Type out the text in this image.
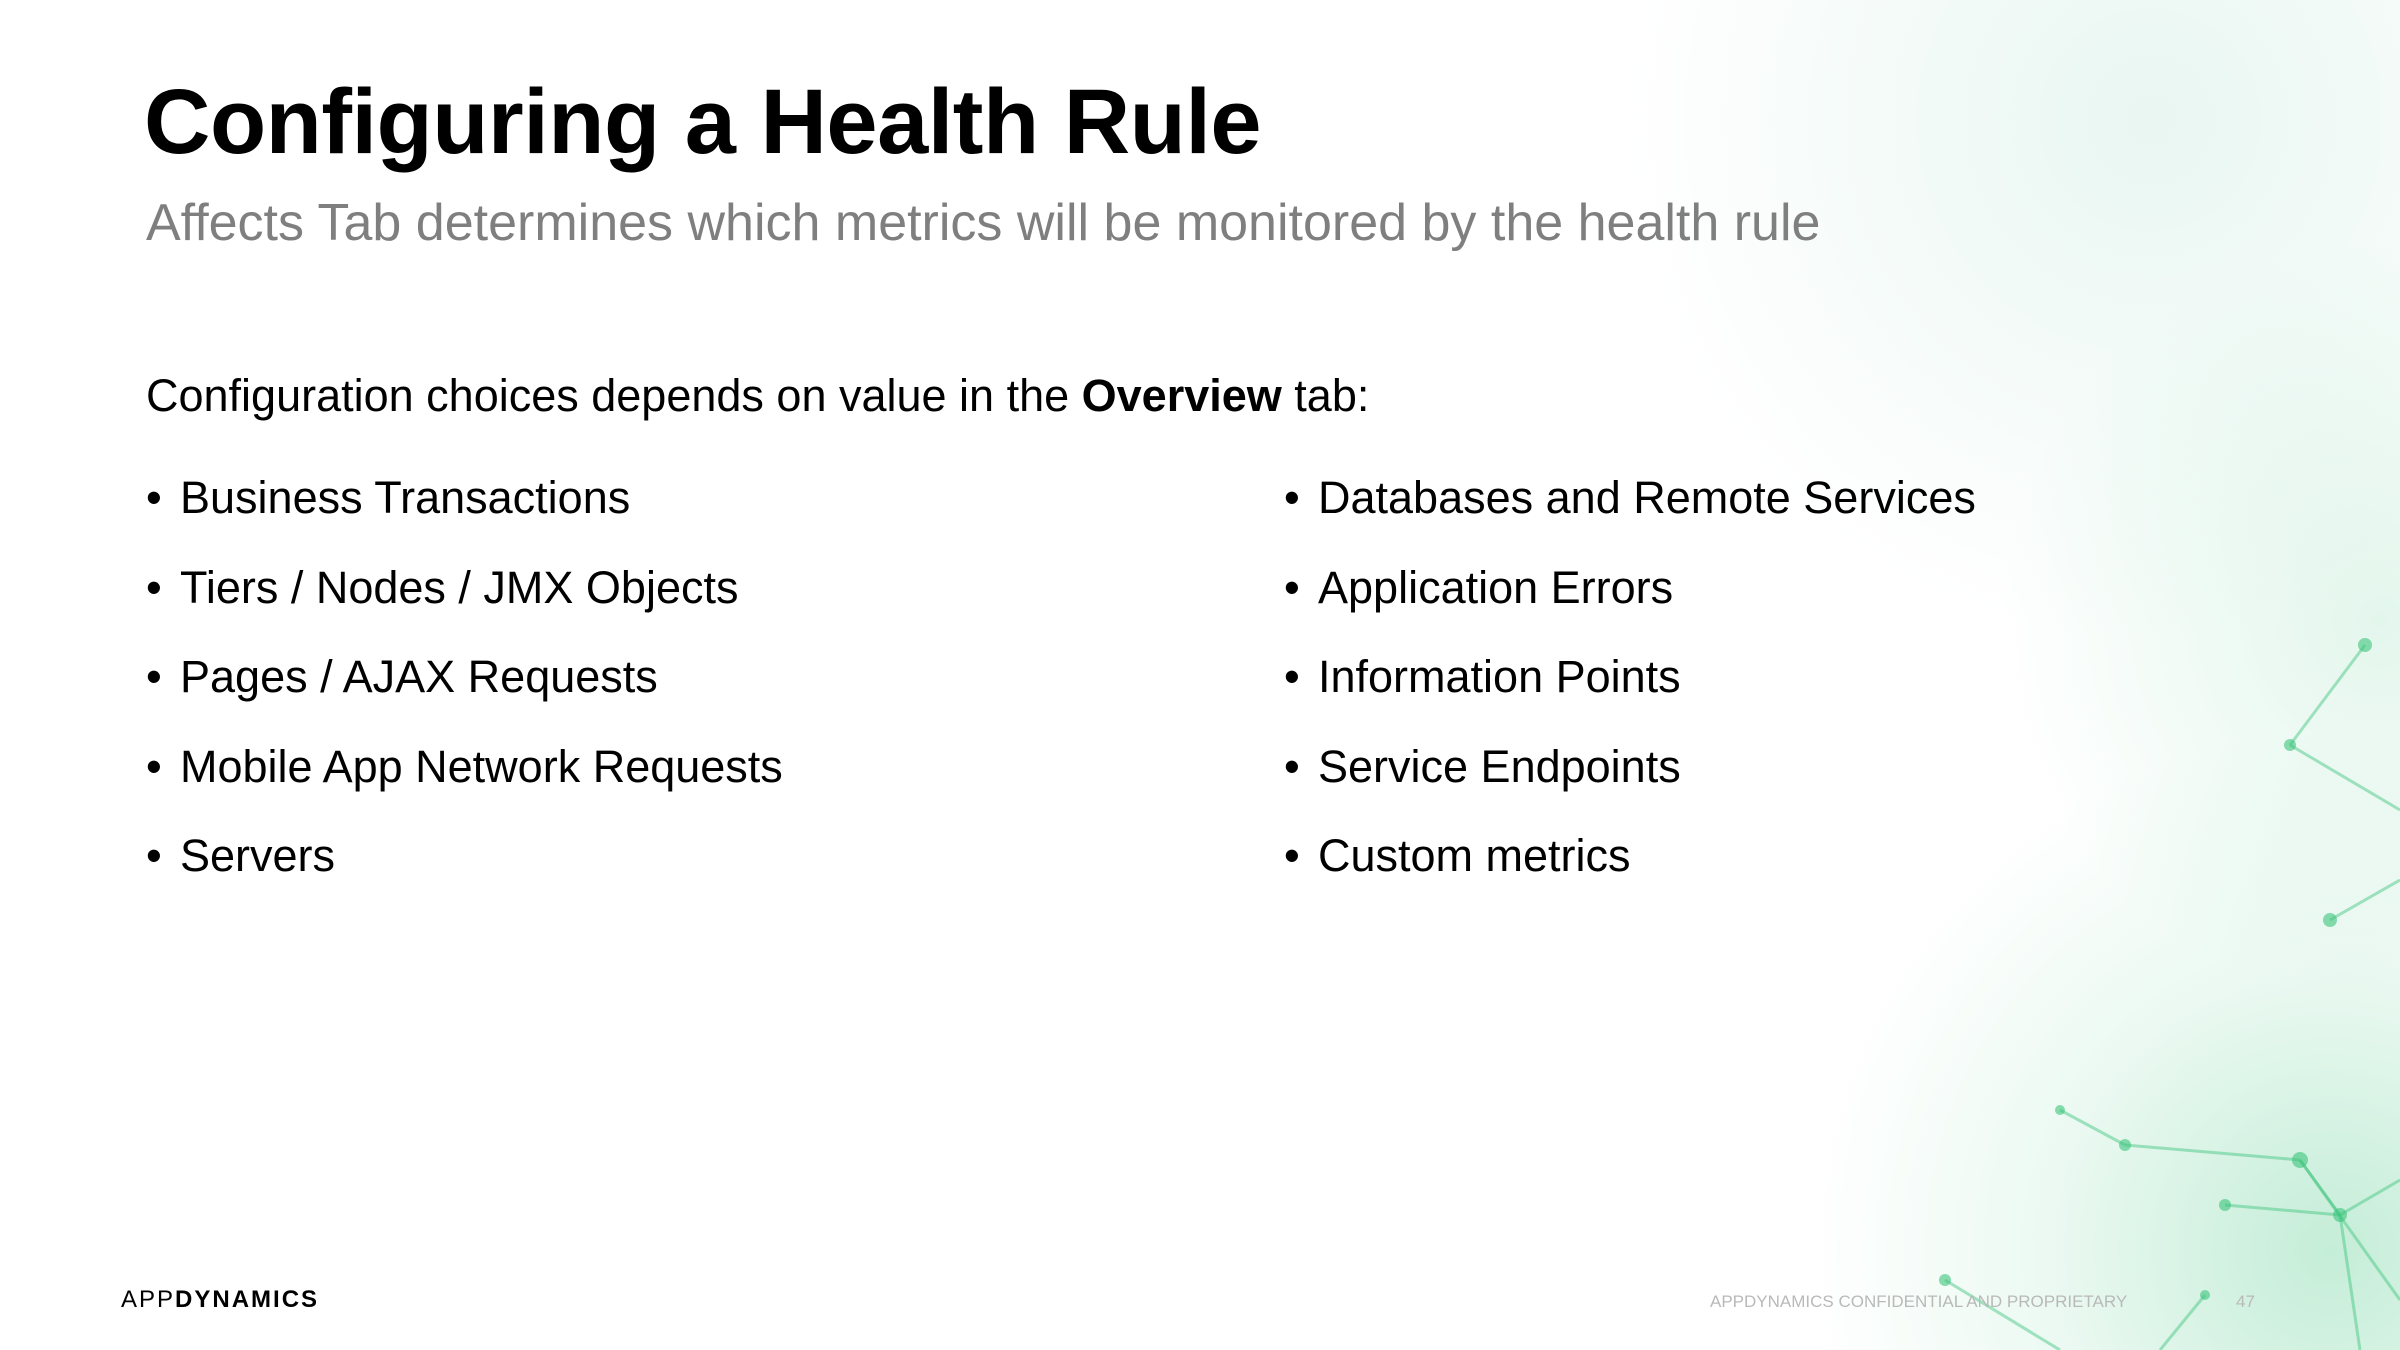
Configuring a Health Rule

Affects Tab determines which metrics will be monitored by the health rule

Configuration choices depends on value in the Overview tab:

• Business Transactions
• Tiers / Nodes / JMX Objects
• Pages / AJAX Requests
• Mobile App Network Requests
• Servers
• Databases and Remote Services
• Application Errors
• Information Points
• Service Endpoints
• Custom metrics
APPDYNAMICS	APPDYNAMICS CONFIDENTIAL AND PROPRIETARY	47
